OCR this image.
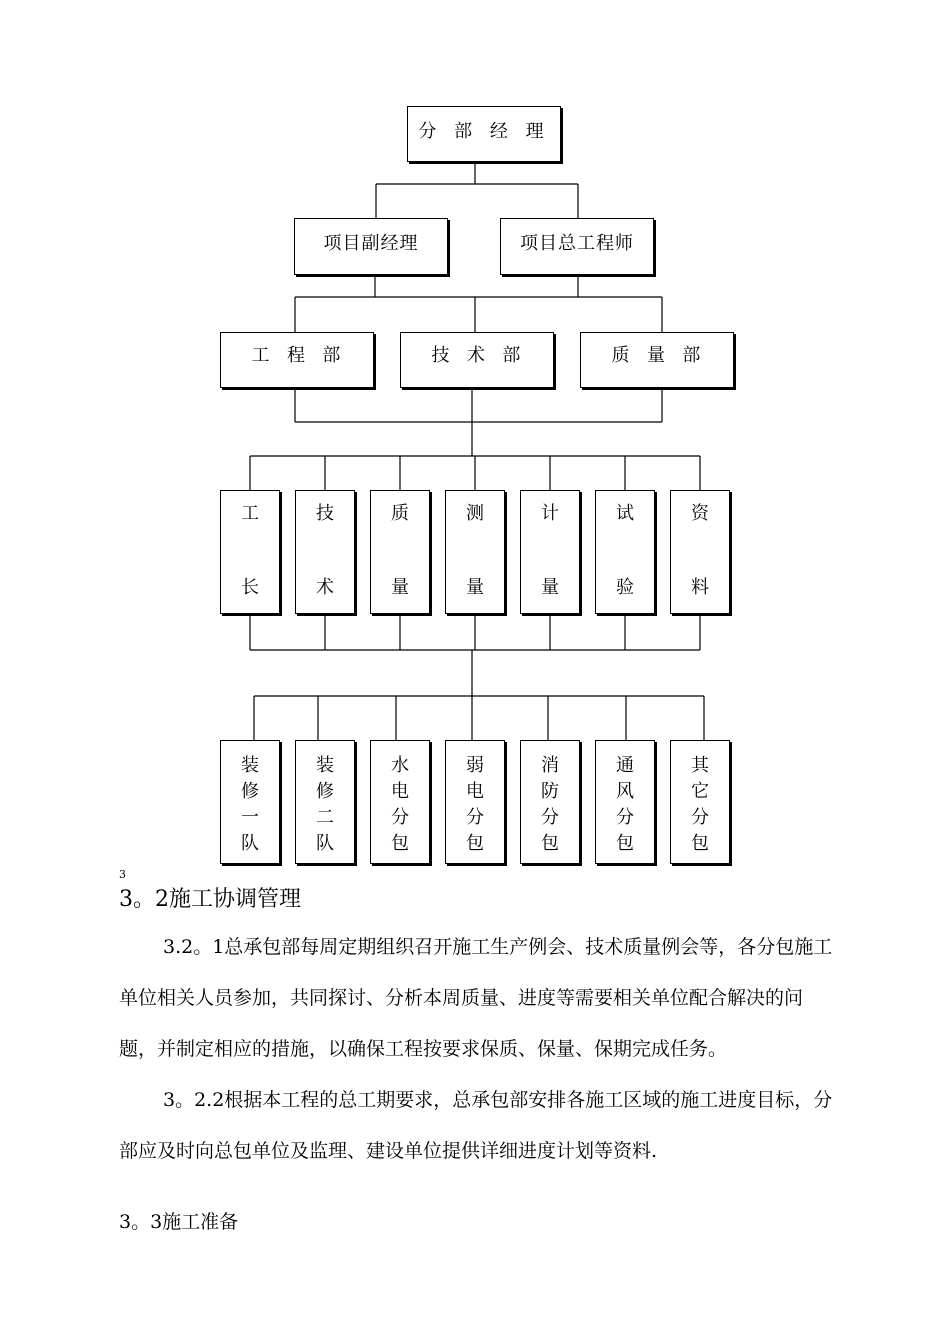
分 部 经 理
项目副经理	项目总工程师
工  程  部	技  术  部	质  量  部
工
长
技
术
质
量
测
量
计
量
试
验
资
料
装
修
一
队
装
修
二
队
水
电
分
包
弱
电
分
包
消
防
分
包
通
风
分
包
其
它
分
包
3
3。2施工协调管理
3.2。1总承包部每周定期组织召开施工生产例会、技术质量例会等，各分包施工单位相关人员参加，共同探讨、分析本周质量、进度等需要相关单位配合解决的问题，并制定相应的措施，以确保工程按要求保质、保量、保期完成任务。
3。2.2根据本工程的总工期要求，总承包部安排各施工区域的施工进度目标，分部应及时向总包单位及监理、建设单位提供详细进度计划等资料.
3。3施工准备
